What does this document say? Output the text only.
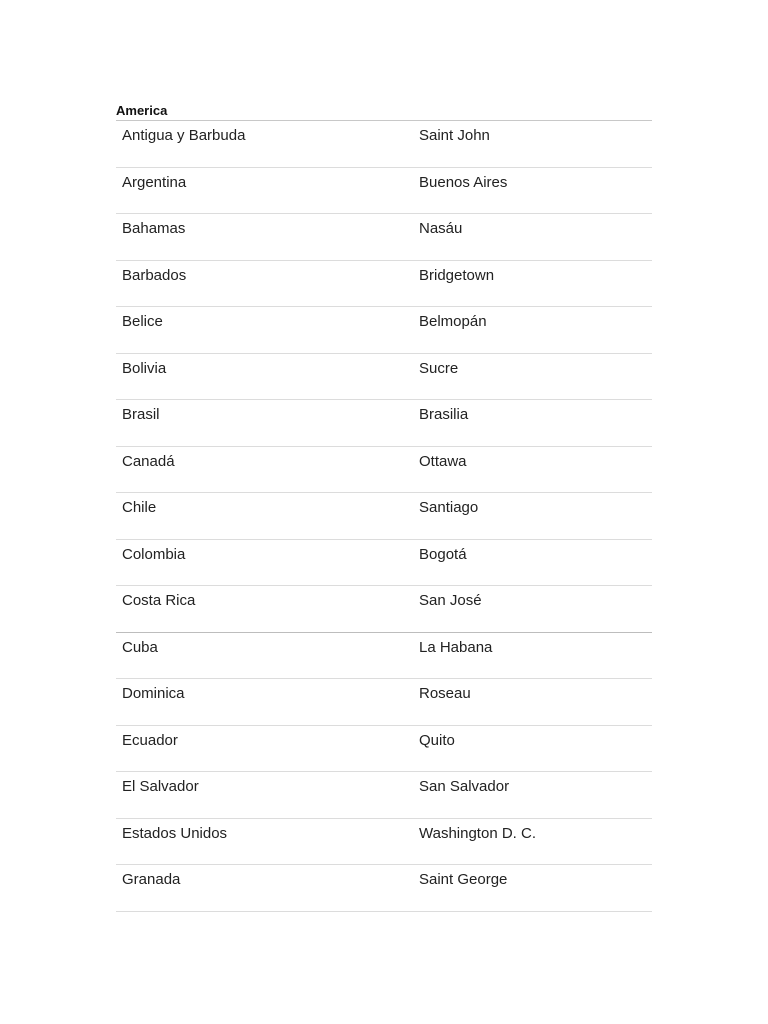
America
Antigua y Barbuda	Saint John
Argentina	Buenos Aires
Bahamas	Nasáu
Barbados	Bridgetown
Belice	Belmopán
Bolivia	Sucre
Brasil	Brasilia
Canadá	Ottawa
Chile	Santiago
Colombia	Bogotá
Costa Rica	San José
Cuba	La Habana
Dominica	Roseau
Ecuador	Quito
El Salvador	San Salvador
Estados Unidos	Washington D. C.
Granada	Saint George
